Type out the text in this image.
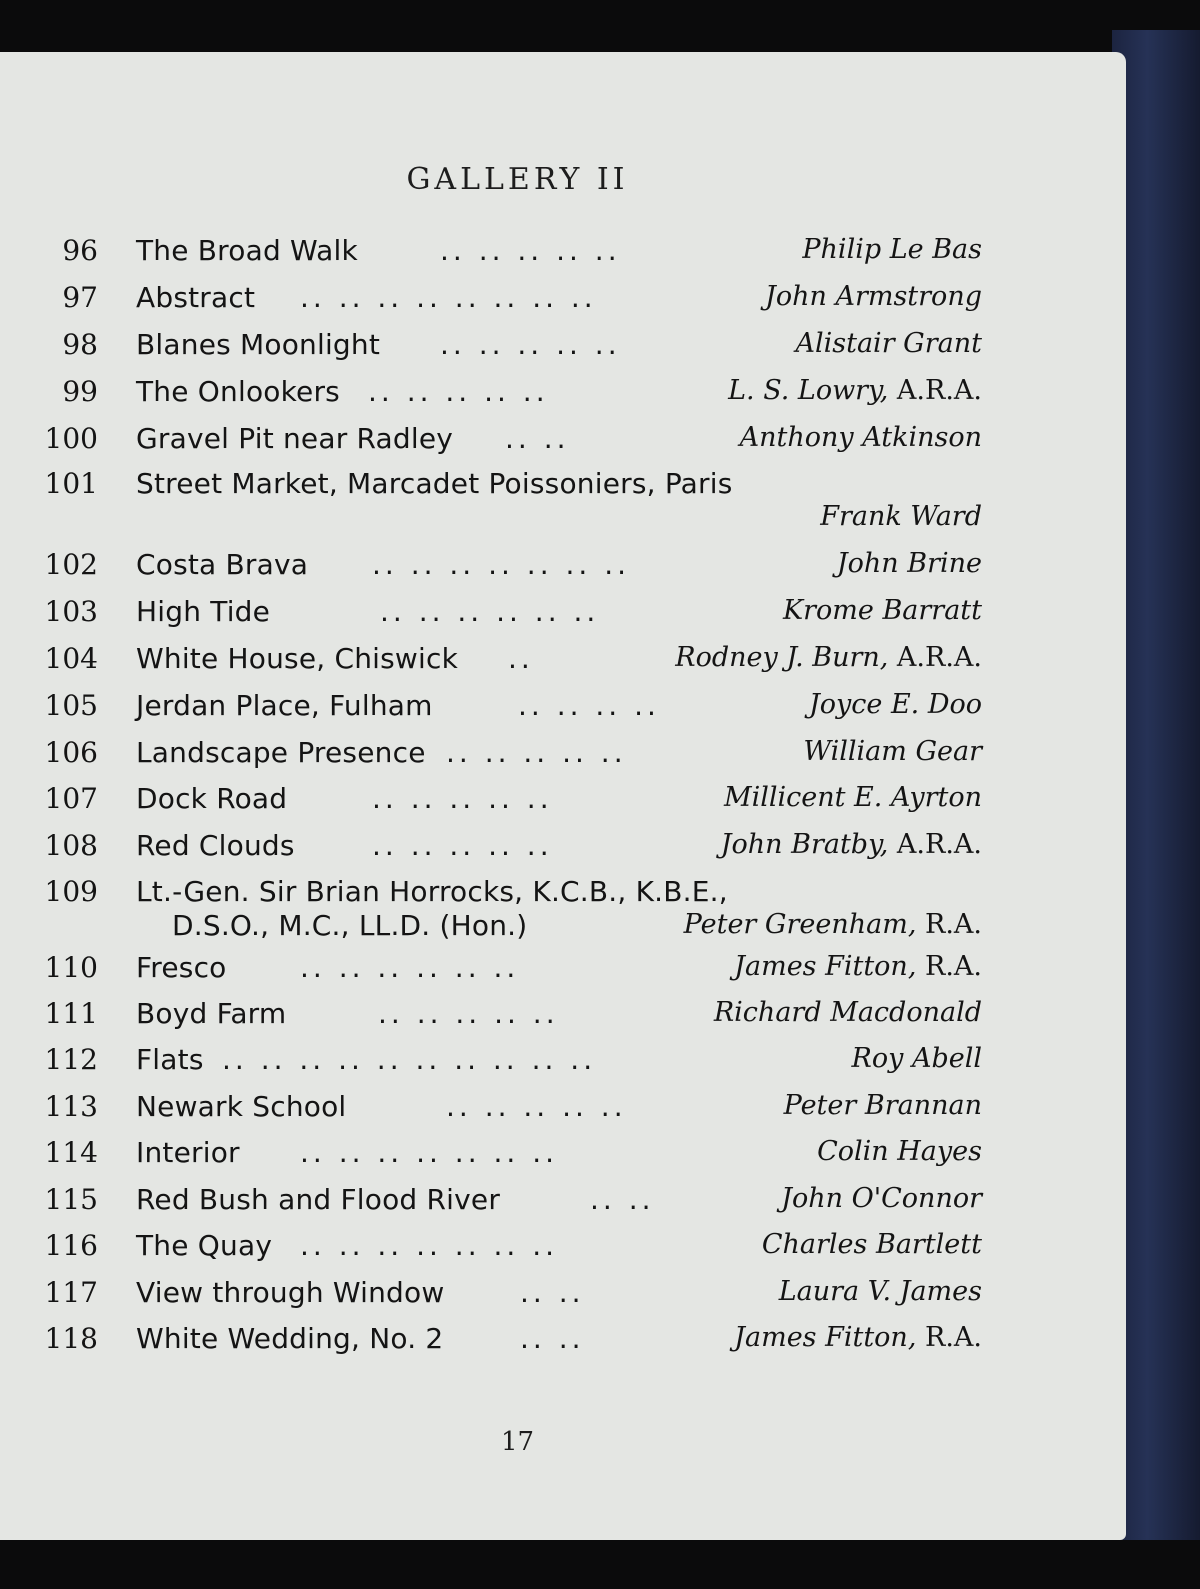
GALLERY II
96 The Broad Walk	.. .. .. .. ..	Philip Le Bas
97 Abstract .. .. .. .. .. .. .. ..	John Armstrong
98 Blanes Moonlight .. .. .. .. ..	Alistair Grant
99 The Onlookers .. .. .. .. ..	L. S. Lowry, A.R.A.
100 Gravel Pit near Radley .. ..	Anthony Atkinson
101 Street Market, Marcadet Poissoniers, Paris
Frank Ward
102 Costa Brava .. .. .. .. .. .. ..	John Brine
103 High Tide	.. .. .. .. .. ..	Krome Barratt
104 White House, Chiswick ..	Rodney J. Burn, A.R.A.
105 Jerdan Place, Fulham	.. .. .. ..	Joyce E. Doo
106 Landscape Presence .. .. .. .. ..	William Gear
107 Dock Road	.. .. .. .. ..	Millicent E. Ayrton
108 Red Clouds	.. .. .. .. ..	John Bratby, A.R.A.
109 Lt.-Gen. Sir Brian Horrocks, K.C.B., K.B.E.,
D.S.O., M.C., LL.D. (Hon.)	Peter Greenham, R.A.
110 Fresco	.. .. .. .. .. ..	James Fitton, R.A.
111 Boyd Farm	.. .. .. .. ..	Richard Macdonald
112 Flats .. .. .. .. .. .. .. .. .. ..	Roy Abell
113 Newark School	.. .. .. .. ..	Peter Brannan
114 Interior .. .. .. .. .. .. ..	Colin Hayes
115 Red Bush and Flood River	.. ..	John O'Connor
116 The Quay .. .. .. .. .. .. ..	Charles Bartlett
117 View through Window	.. ..	Laura V. James
118 White Wedding, No. 2	.. ..	James Fitton, R.A.
17
